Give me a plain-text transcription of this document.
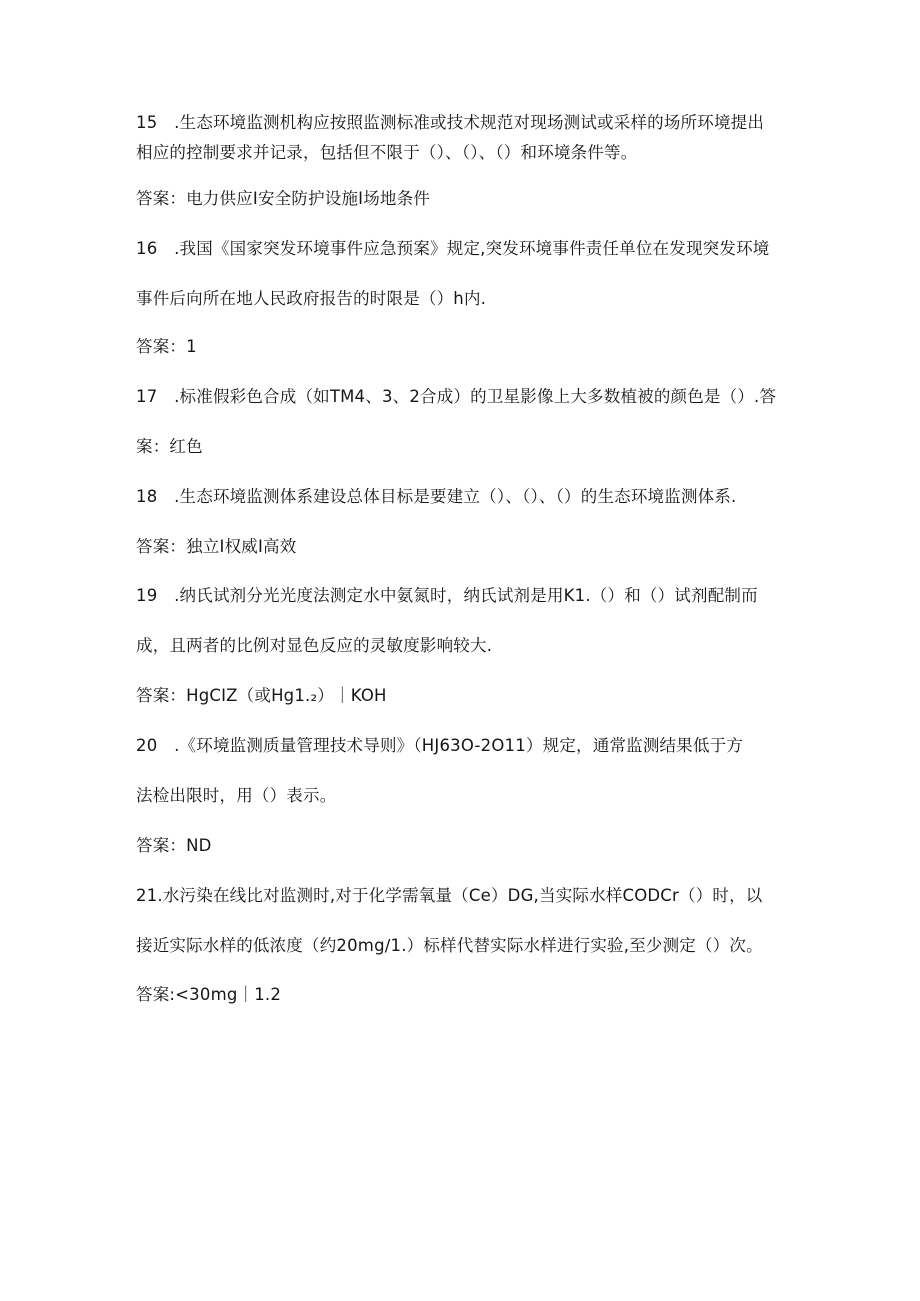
15　.生态环境监测机构应按照监测标准或技术规范对现场测试或采样的场所环境提出
相应的控制要求并记录，包括但不限于（）、（）、（）和环境条件等。
答案：电力供应I安全防护设施I场地条件
16　.我国《国家突发环境事件应急预案》规定,突发环境事件责任单位在发现突发环境
事件后向所在地人民政府报告的时限是（）h内.
答案：1
17　.标准假彩色合成（如TM4、3、2合成）的卫星影像上大多数植被的颜色是（）.答
案：红色
18　.生态环境监测体系建设总体目标是要建立（）、（）、（）的生态环境监测体系.
答案：独立I权威I高效
19　.纳氏试剂分光光度法测定水中氨氮时，纳氏试剂是用K1.（）和（）试剂配制而
成，且两者的比例对显色反应的灵敏度影响较大.
答案：HgCIZ（或Hg1.₂）｜KOH
20　.《环境监测质量管理技术导则》（HJ63O-2O11）规定，通常监测结果低于方
法检出限时，用（）表示。
答案：ND
21.水污染在线比对监测时,对于化学需氧量（Ce）DG,当实际水样CODCr（）时，以
接近实际水样的低浓度（约20mg∕1.）标样代替实际水样进行实验,至少测定（）次。
答案:<30mg｜1.2
